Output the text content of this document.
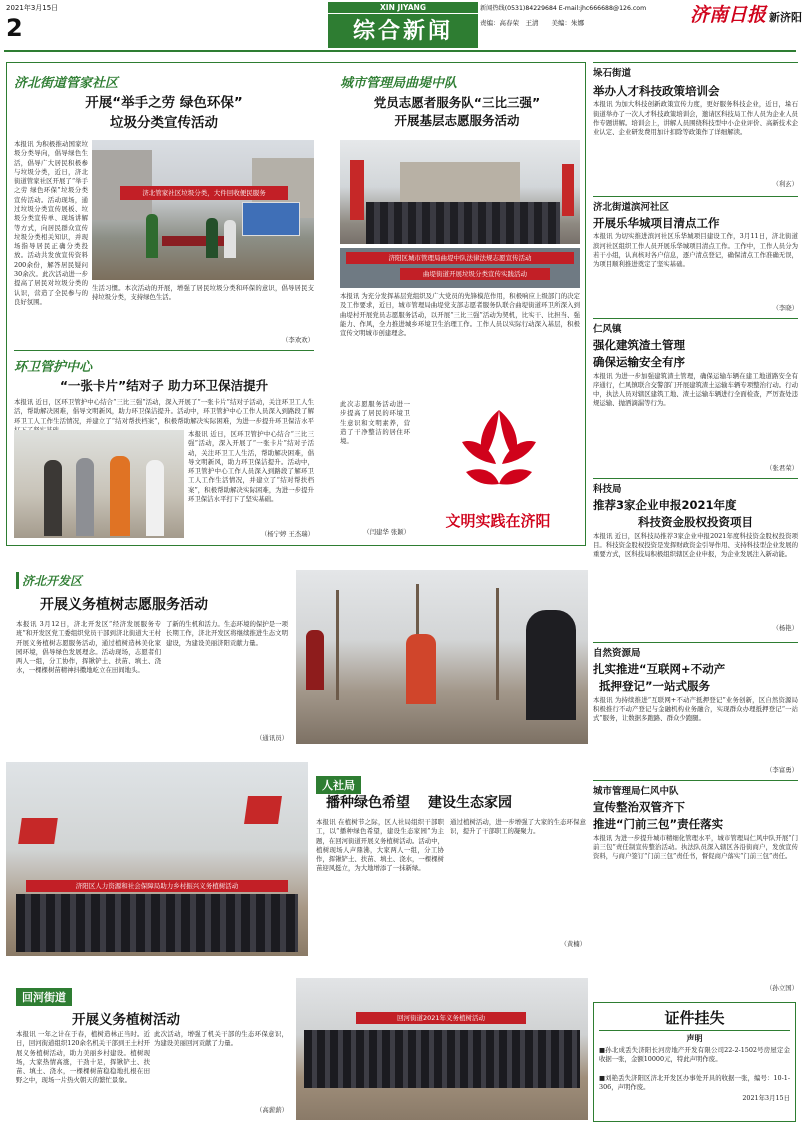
2021年3月15日
2
XIN JIYANG	新闻热线(0531)84229684 E-mail:jhc666688@126.com	济南日报 新济阳
综合新闻	责编：高春荣　王清　　美编：朱娜
济北街道管家社区
开展“举手之劳 绿色环保”
垃圾分类宣传活动
本报讯 为积极推动国家垃圾分类导向，倡导绿色生活，倡导广大居民积极参与垃圾分类，近日，济北街道管家社区开展了“举手之劳 绿色环保”垃圾分类宣传活动。活动现场，通过垃圾分类宣传展板、垃圾分类宣传单、现场讲解等方式，向居民群众宣传垃圾分类相关知识，并现场指导居民正确分类投放。活动共发放宣传资料200余份，解答居民疑问30余次。此次活动进一步提高了居民对垃圾分类的认识，营造了全民参与的良好氛围。
济北管家社区垃圾分类，大件回收便民服务
生活习惯。本次活动的开展，增强了居民垃圾分类和环保的意识，倡导居民支持垃圾分类，支持绿色生活。
（李欢欢）
环卫管护中心
“一张卡片”结对子 助力环卫保洁提升
本报讯 近日，区环卫管护中心结合“三比三强”活动，深入开展了“一张卡片”结对子活动，关注环卫工人生活，帮助解决困难，倡导文明新风，助力环卫保洁提升。活动中，环卫管护中心工作人员深入到路段了解环卫工人工作生活情况，并建立了“结对帮扶档案”，积极帮助解决实际困难，为进一步提升环卫保洁水平
本报讯 近日，区环卫管护中心结合“三比三强”活动，深入开展了“一张卡片”结对子活动，关注环卫工人生活，帮助解决困难，倡导文明新风，助力环卫保洁提升。活动中，环卫管护中心工作人员深入到路段了解环卫工人工作生活情况，并建立了“结对帮扶档案”，积极帮助解决实际困难，为进一步提升环卫保洁水平打下了坚实基础。
（杨宁婷 王杰瑞）
城市管理局曲堤中队
党员志愿者服务队“三比三强”
开展基层志愿服务活动
济阳区城市管理局曲堤中队法律法规志愿宣传活动
曲堤街道开展垃圾分类宣传实践活动
本报讯 为充分发挥基层党组织及广大党员的先锋模范作用，积极响应上级部门的决定及工作要求，近日，城市管理局曲堤党支部志愿者服务队联合曲堤街道环卫所深入到曲堤村开展党员志愿服务活动，以开展“三比三强”活动为契机，比实干、比担当、强能力、作风，全力推进城乡环境卫生治理工作。工作人员以实际行动深入基层，积极宣传文明城市创建理念。
此次志愿服务活动进一步提高了居民的环境卫生意识和文明素养，营造了干净整洁的居住环境。
（闫建华 张颖）
文明实践在济阳
济北开发区
开展义务植树志愿服务活动
本报讯 3月12日，济北开发区“经济发展服务专班”和开发区党工委组织党员干部到济北街道大王村开展义务植树志愿服务活动，通过植树造林美化家园环境，倡导绿色发展理念。活动现场，志愿者们两人一组，分工协作，挥锹铲土、扶苗、填土、浇水，一棵棵树苗精神抖擞地屹立在田间地头。
了新的生机和活力。生态环境的保护是一项长期工作，济北开发区将继续推进生态文明建设，为建设美丽济阳贡献力量。
（通讯员）
济阳区人力资源和社会保障局助力乡村振兴义务植树活动
人社局
播种绿色希望 建设生态家园
本报讯 在植树节之际，区人社局组织干部职工，以“播种绿色希望，建设生态家园”为主题，在回河街道开展义务植树活动。活动中，植树现场人声鼎沸，大家两人一组，分工协作，挥锹铲土、扶苗、填土、浇水，一棵棵树苗迎风挺立，为大地增添了一抹新绿。
通过植树活动，进一步增强了大家的生态环保意识，提升了干部职工的凝聚力。
（黄楠）
回河街道
开展义务植树活动
本报讯 一年之计在于春，植树造林正当时。近日，回河街道组织120余名机关干部到王土村开展义务植树活动，助力美丽乡村建设。植树现场，大家热情高涨，干劲十足，挥锹铲土、扶苗、填土、浇水，一棵棵树苗稳稳地扎根在田野之中，现场一片热火朝天的繁忙景象。
此次活动，增强了机关干部的生态环保意识，为建设美丽回河贡献了力量。
（高薪薪）
回河街道2021年义务植树活动
垛石街道
举办人才科技政策培训会
本报讯 为加大科技创新政策宣传力度，更好服务科技企业，近日，垛石街道举办了一次人才科技政策培训会，邀请区科技局工作人员为企业人员作专题讲解。培训会上，讲解人员围绕科技型中小企业评价、高新技术企业认定、企业研发费用加计扣除等政策作了详细解读。
（利玄）
济北街道滨河社区
开展乐华城项目清点工作
本报讯 为切实推进滨河社区乐华城项目建设工作，3月11日，济北街道滨河社区组织工作人员开展乐华城项目清点工作。工作中，工作人员分为若干小组，认真核对各户信息，逐户清点登记，确保清点工作准确无误，为项目顺利推进奠定了坚实基础。
（李晓）
仁风镇
强化建筑渣土管理
确保运输安全有序
本报讯 为进一步加强建筑渣土管理，确保运输车辆在建工地道路安全有序通行，仁风镇联合交警部门开展建筑渣土运输车辆专项整治行动。行动中，执法人员对辖区建筑工地、渣土运输车辆进行全面检查，严厉查处违规运输、抛洒滴漏等行为。
（张君荣）
科技局
推荐3家企业申报2021年度
科技资金股权投资项目
本报讯 近日，区科技局推荐3家企业申报2021年度科技资金股权投资项目。科技资金股权投资是发挥财政资金引导作用、支持科技型企业发展的重要方式，区科技局积极组织辖区企业申报，为企业发展注入新动能。
（杨艳）
自然资源局
扎实推进“互联网+不动产
抵押登记”一站式服务
本报讯 为持续推进“互联网+不动产抵押登记”业务创新，区自然资源局积极推行不动产登记与金融机构业务融合，实现群众办理抵押登记“一站式”服务，让数据多跑路、群众少跑腿。
（李富勇）
城市管理局仁风中队
宣传整治双管齐下
推进“门前三包”责任落实
本报讯 为进一步提升城市精细化管理水平，城市管理局仁风中队开展“门前三包”责任制宣传整治活动。执法队员深入辖区各沿街商户，发放宣传资料，与商户签订“门前三包”责任书，督促商户落实“门前三包”责任。
（孙立国）
证件挂失
声明
■孙北成丢失济阳长河房地产开发有限公司22-2-1502号房屋定金收据一张，金额10000元，特此声明作废。
■刘艳丢失济阳区济北开发区办事处开具的收据一张，编号：10-1-306，声明作废。
2021年3月15日
